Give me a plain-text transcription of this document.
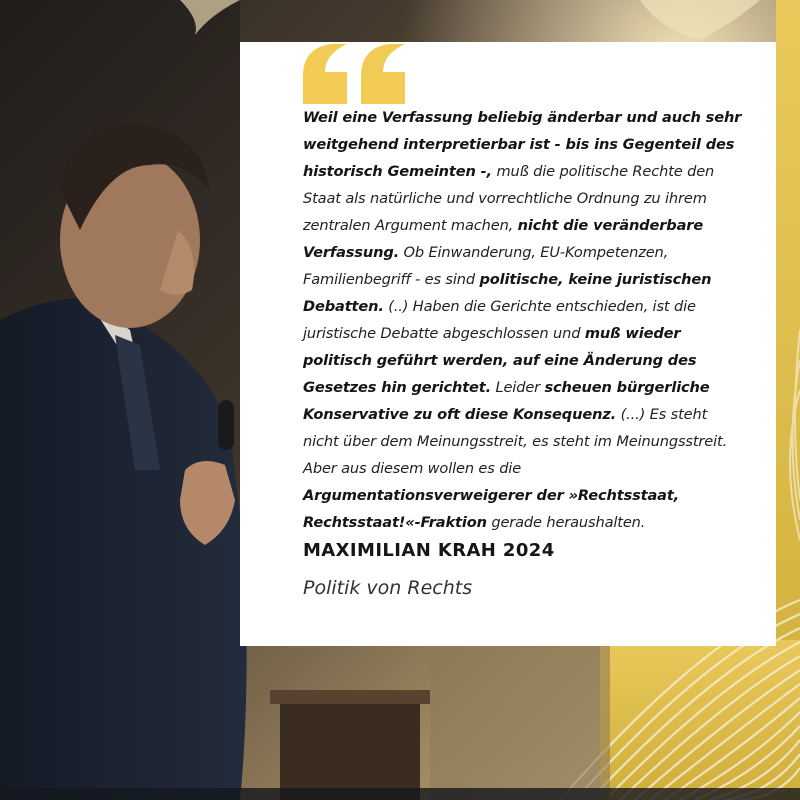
Weil eine Verfassung beliebig änderbar und auch sehr weitgehend interpretierbar ist - bis ins Gegenteil des historisch Gemeinten -, muß die politische Rechte den Staat als natürliche und vorrechtliche Ordnung zu ihrem zentralen Argument machen, nicht die veränderbare Verfassung. Ob Einwanderung, EU-Kompetenzen, Familienbegriff - es sind politische, keine juristischen Debatten. (..) Haben die Gerichte entschieden, ist die juristische Debatte abgeschlossen und muß wieder politisch geführt werden, auf eine Änderung des Gesetzes hin gerichtet. Leider scheuen bürgerliche Konservative zu oft diese Konsequenz. (...) Es steht nicht über dem Meinungsstreit, es steht im Meinungsstreit. Aber aus diesem wollen es die Argumentationsverweigerer der »Rechtsstaat, Rechtsstaat!«-Fraktion gerade heraushalten.

MAXIMILIAN KRAH 2024

Politik von Rechts
